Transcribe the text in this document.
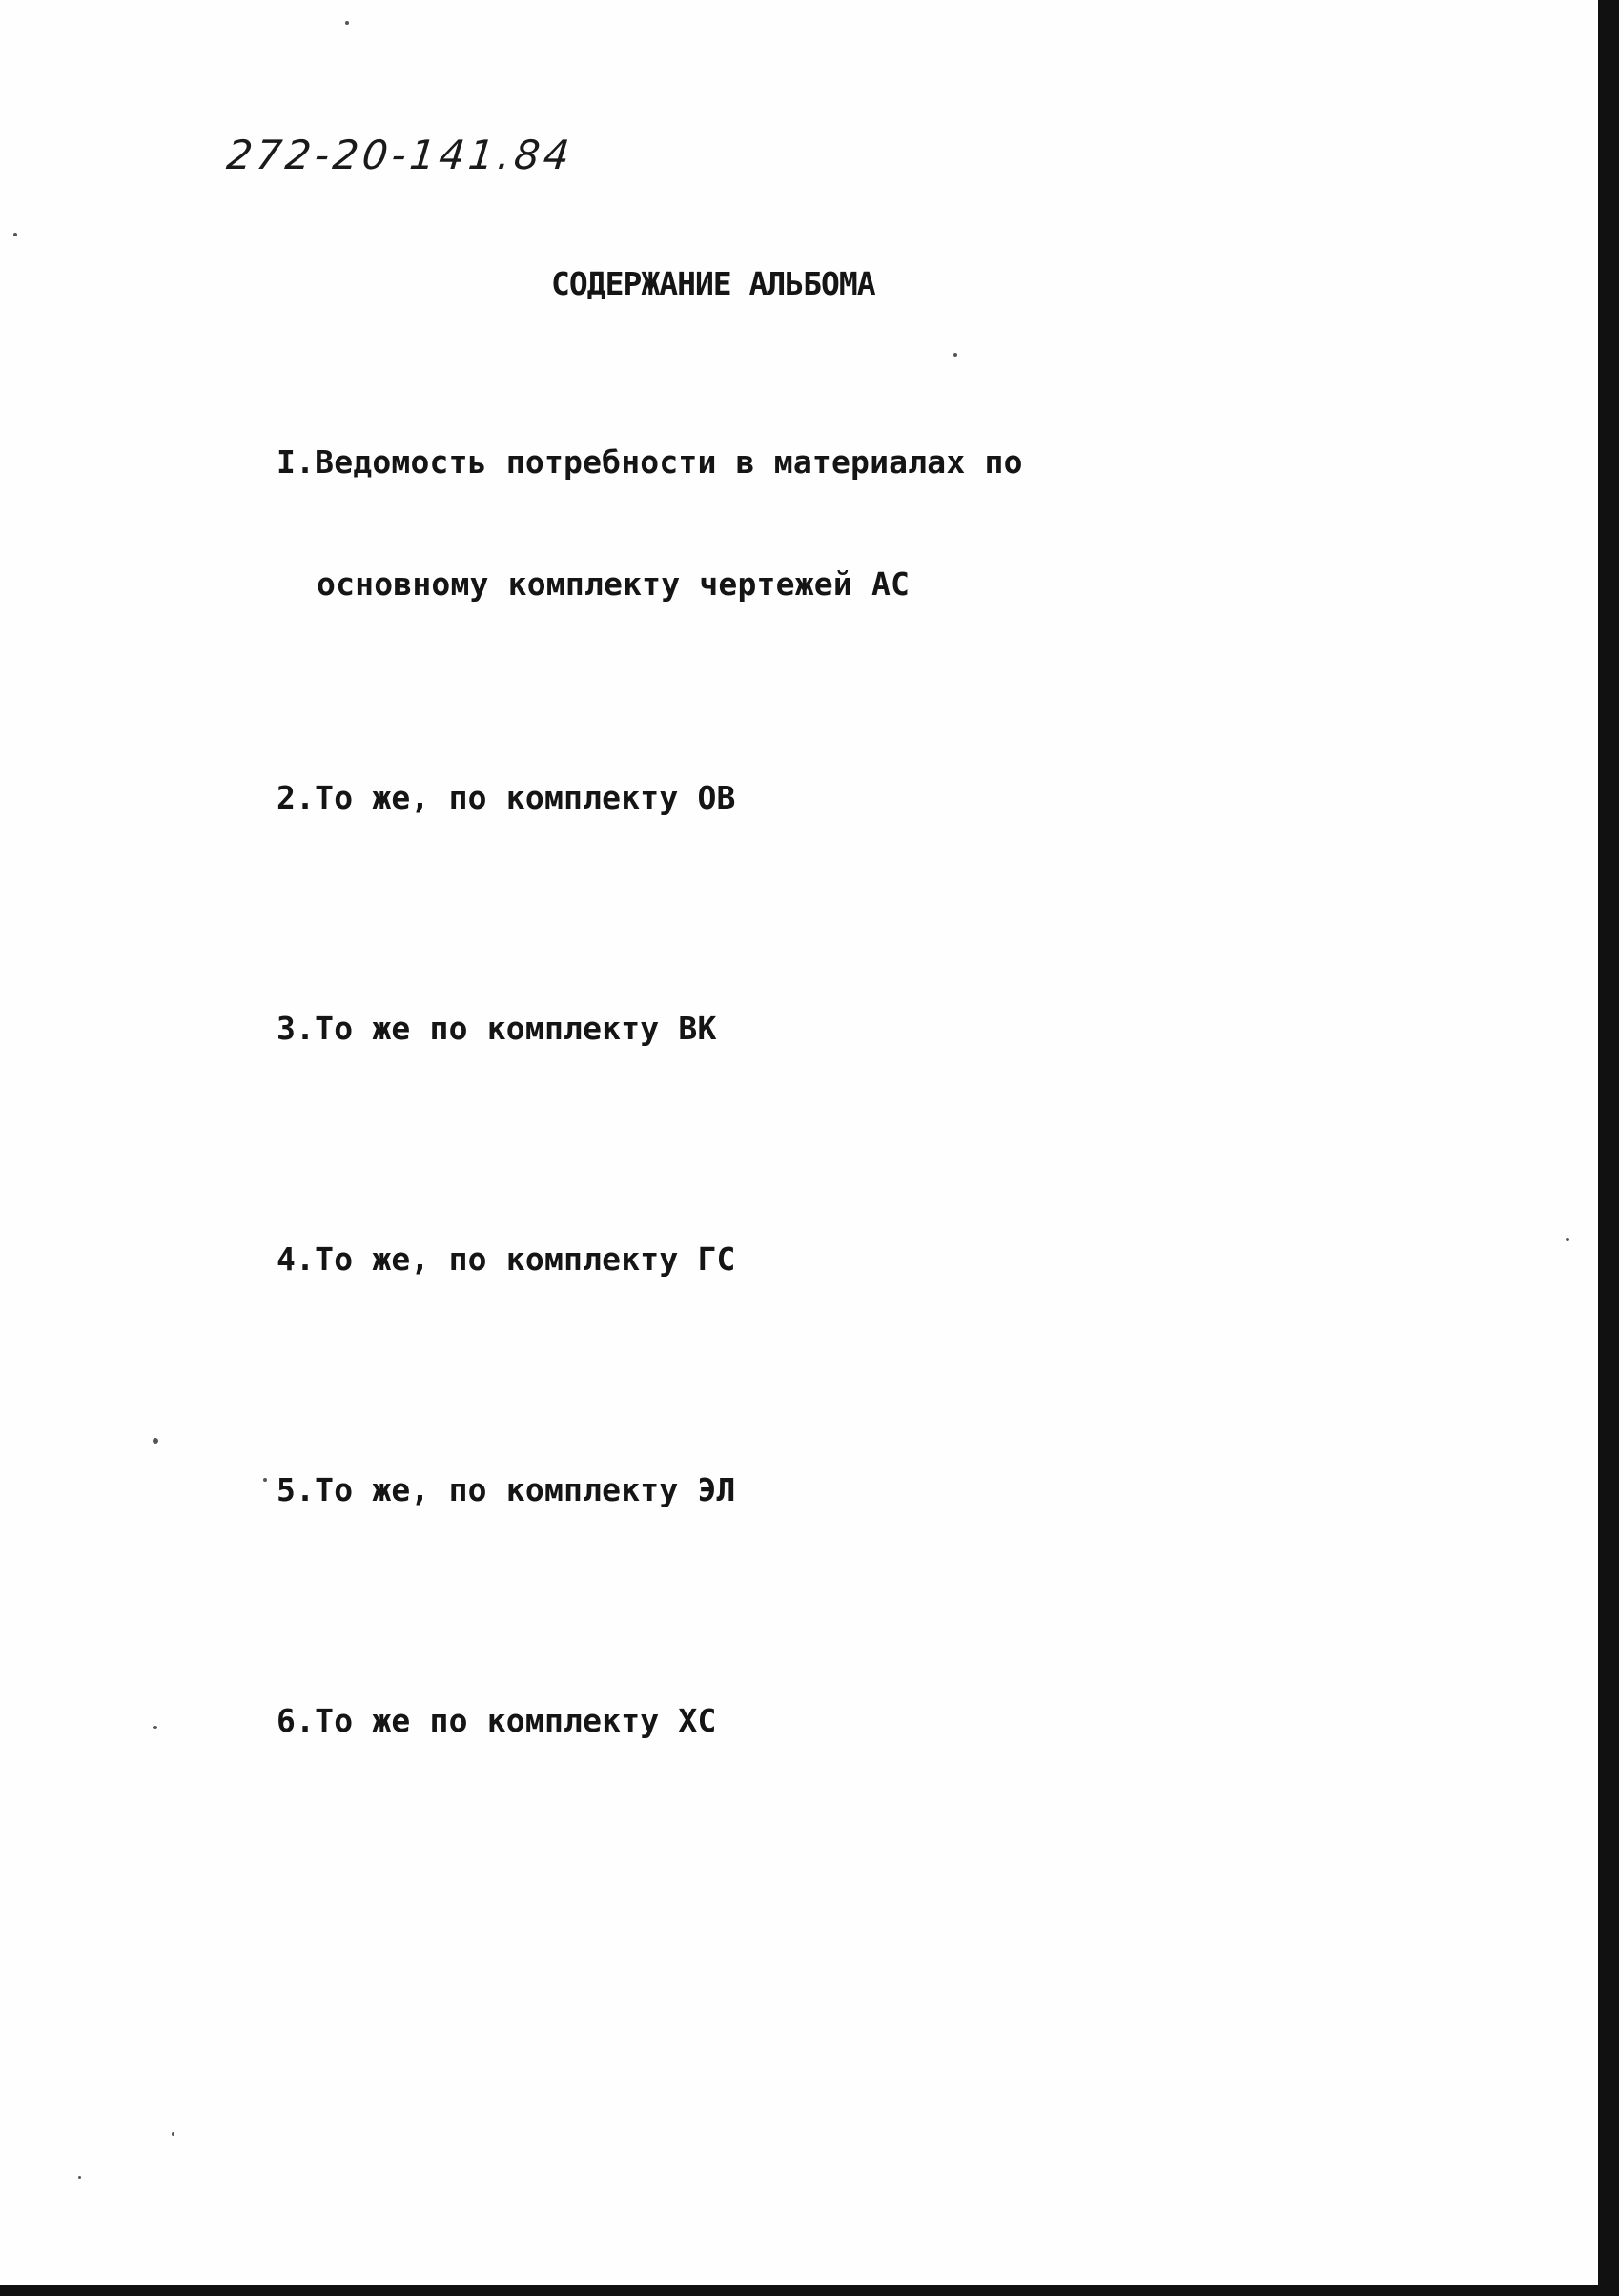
272-20-141.84
СОДЕРЖАНИЕ АЛЬБОМА

I.Ведомость потребности в материалах по

основному комплекту чертежей АС

2.То же, по комплекту ОВ

3.То же по комплекту ВК

4.То же, по комплекту ГС

5.То же, по комплекту ЭЛ

6.То же по комплекту ХС
